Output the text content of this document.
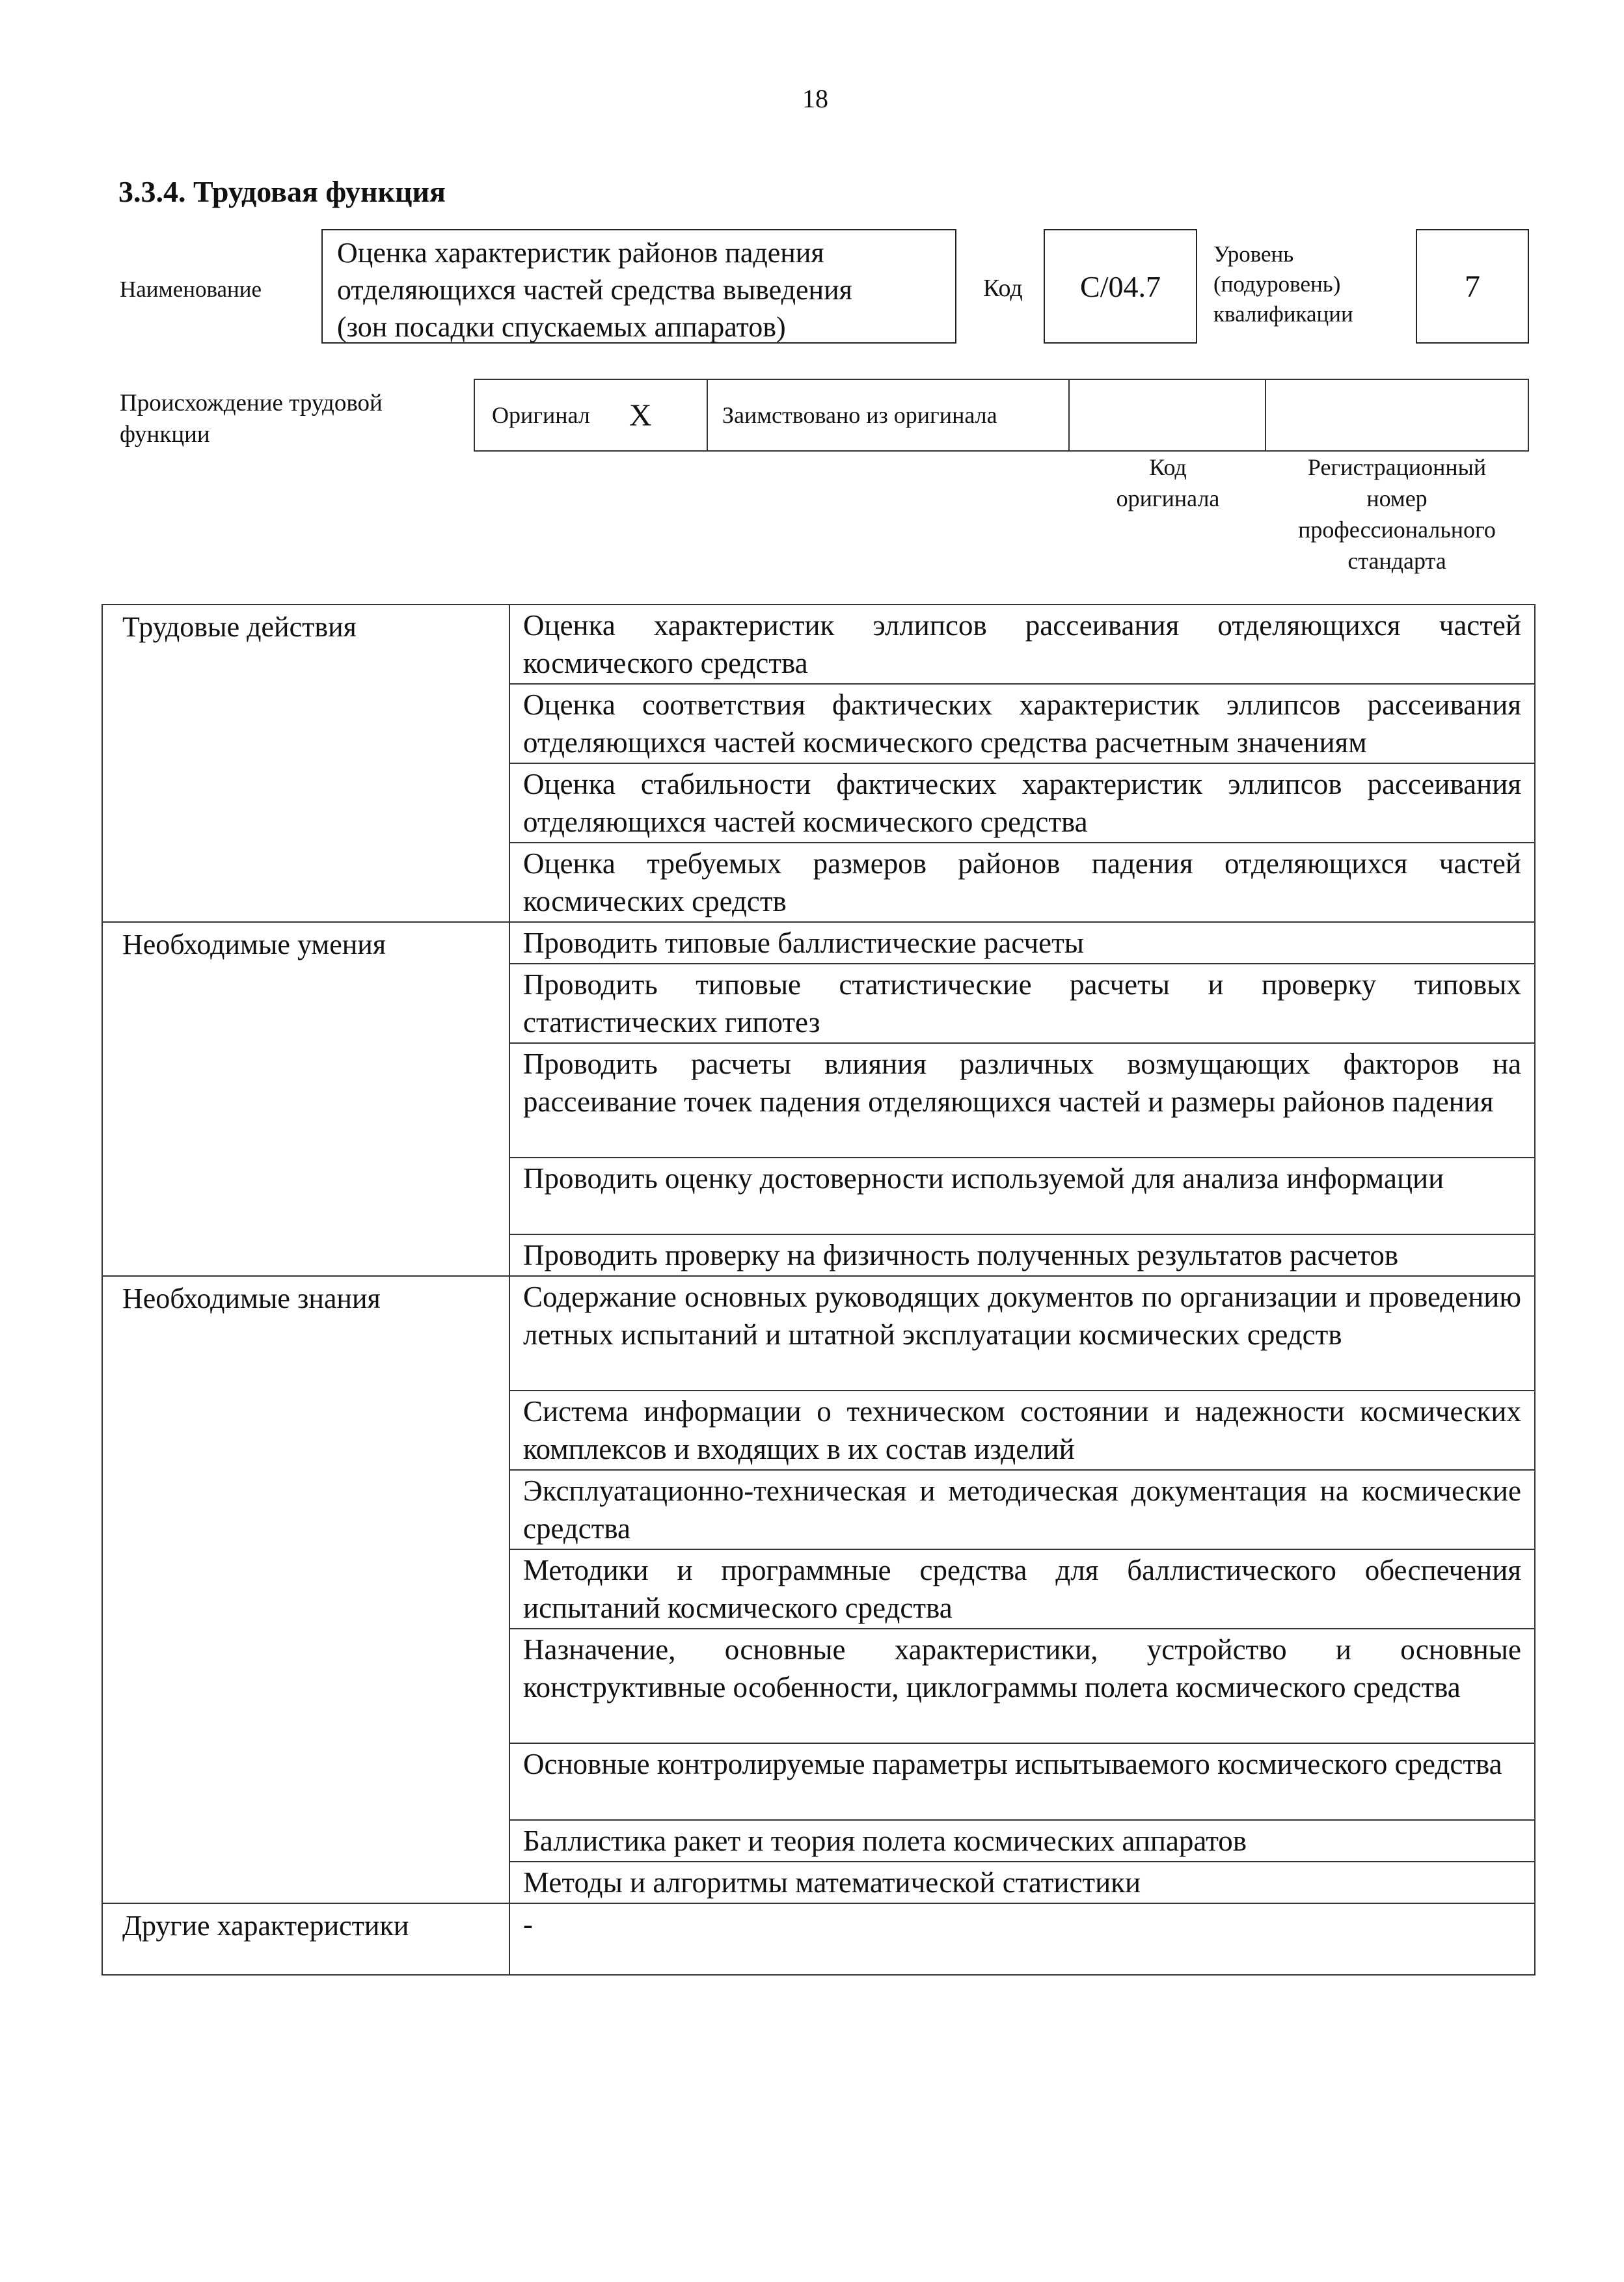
18
3.3.4. Трудовая функция
Наименование
Оценка характеристик районов падения
отделяющихся частей средства выведения
(зон посадки спускаемых аппаратов)
Код	С/04.7
Уровень
(подуровень)
квалификации
7
Происхождение трудовой
функции
Оригинал X	Заимствовано из оригинала
Код
оригинала
Регистрационный
номер
профессионального
стандарта
Трудовые действия	Оценка характеристик эллипсов рассеивания отделяющихся частей космического средства
	Оценка соответствия фактических характеристик эллипсов рассеивания отделяющихся частей космического средства расчетным значениям
	Оценка стабильности фактических характеристик эллипсов рассеивания отделяющихся частей космического средства
	Оценка требуемых размеров районов падения отделяющихся частей космических средств
Необходимые умения	Проводить типовые баллистические расчеты
	Проводить типовые статистические расчеты и проверку типовых статистических гипотез
	Проводить расчеты влияния различных возмущающих факторов на рассеивание точек падения отделяющихся частей и размеры районов падения
	Проводить оценку достоверности используемой для анализа информации
	Проводить проверку на физичность полученных результатов расчетов
Необходимые знания	Содержание основных руководящих документов по организации и проведению летных испытаний и штатной эксплуатации космических средств
	Система информации о техническом состоянии и надежности космических комплексов и входящих в их состав изделий
	Эксплуатационно-техническая и методическая документация на космические средства
	Методики и программные средства для баллистического обеспечения испытаний космического средства
	Назначение, основные характеристики, устройство и основные конструктивные особенности, циклограммы полета космического средства
	Основные контролируемые параметры испытываемого космического средства
	Баллистика ракет и теория полета космических аппаратов
	Методы и алгоритмы математической статистики
Другие характеристики	-
